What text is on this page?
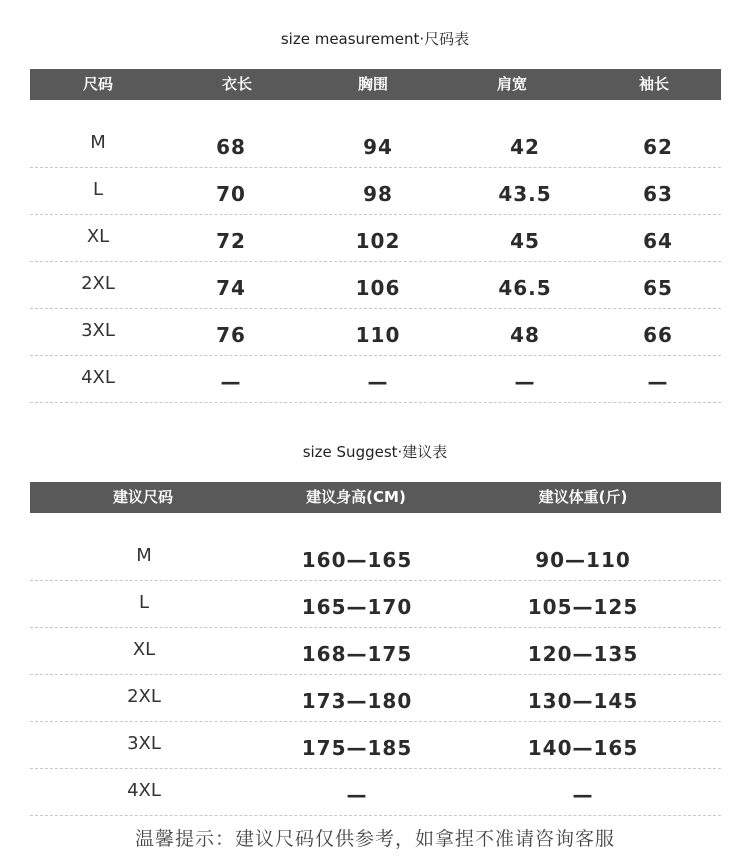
size measurement·尺码表
尺码	衣长	胸围	肩宽	袖长
M	68	94	42	62
L	70	98	43.5	63
XL	72	102	45	64
2XL	74	106	46.5	65
3XL	76	110	48	66
4XL	—	—	—	—
size Suggest·建议表
建议尺码	建议身高(CM)	建议体重(斤)
M	160—165	90—110
L	165—170	105—125
XL	168—175	120—135
2XL	173—180	130—145
3XL	175—185	140—165
4XL	—	—
温馨提示：建议尺码仅供参考，如拿捏不准请咨询客服
